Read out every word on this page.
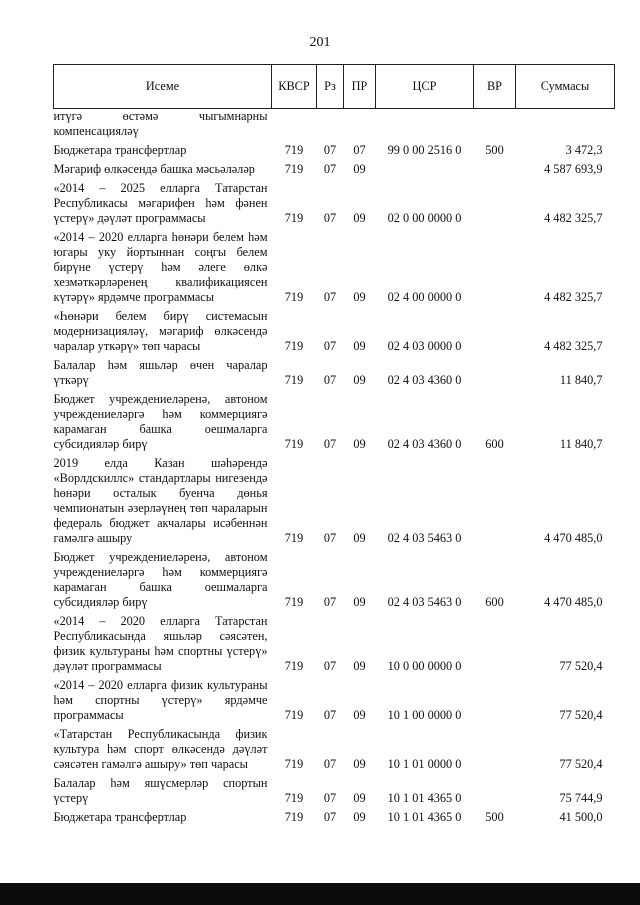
201
Исеме	КВСР	Рз	ПР	ЦСР	ВР	Суммасы
итүгә өстәмә чыгымнарны компенсацияләү						
Бюджетара трансфертлар	719	07	07	99 0 00 2516 0	500	3 472,3
Мәгариф өлкәсендә башка мәсьәләләр	719	07	09			4 587 693,9
«2014 – 2025 елларга Татарстан Республикасы мәгарифен һәм фәнен үстерү» дәүләт программасы	719	07	09	02 0 00 0000 0		4 482 325,7
«2014 – 2020 елларга һөнәри белем һәм югары уку йортыннан соңгы белем бирүне үстерү һәм әлеге өлкә хезмәткәрләренең квалификациясен күтәрү» ярдәмче программасы	719	07	09	02 4 00 0000 0		4 482 325,7
«Һөнәри белем бирү системасын модернизацияләү, мәгариф өлкәсендә чаралар уткәрү» төп чарасы	719	07	09	02 4 03 0000 0		4 482 325,7
Балалар һәм яшьләр өчен чаралар үткәрү	719	07	09	02 4 03 4360 0		11 840,7
Бюджет учреждениеләренә, автоном учреждениеләргә һәм коммерциягә карамаган башка оешмаларга субсидияләр бирү	719	07	09	02 4 03 4360 0	600	11 840,7
2019 елда Казан шәһәрендә «Ворлдскиллс» стандартлары нигезендә һөнәри осталык буенча дөнья чемпионатын әзерләүнең төп чараларын федераль бюджет акчалары исәбеннән гамәлгә ашыру	719	07	09	02 4 03 5463 0		4 470 485,0
Бюджет учреждениеләренә, автоном учреждениеләргә һәм коммерциягә карамаган башка оешмаларга субсидияләр бирү	719	07	09	02 4 03 5463 0	600	4 470 485,0
«2014 – 2020 елларга Татарстан Республикасында яшьләр сәясәтен, физик культураны һәм спортны үстерү» дәүләт программасы	719	07	09	10 0 00 0000 0		77 520,4
«2014 – 2020 елларга физик культураны һәм спортны үстерү» ярдәмче программасы	719	07	09	10 1 00 0000 0		77 520,4
«Татарстан Республикасында физик культура һәм спорт өлкәсендә дәүләт сәясәтен гамәлгә ашыру» төп чарасы	719	07	09	10 1 01 0000 0		77 520,4
Балалар һәм яшүсмерләр спортын үстерү	719	07	09	10 1 01 4365 0		75 744,9
Бюджетара трансфертлар	719	07	09	10 1 01 4365 0	500	41 500,0
